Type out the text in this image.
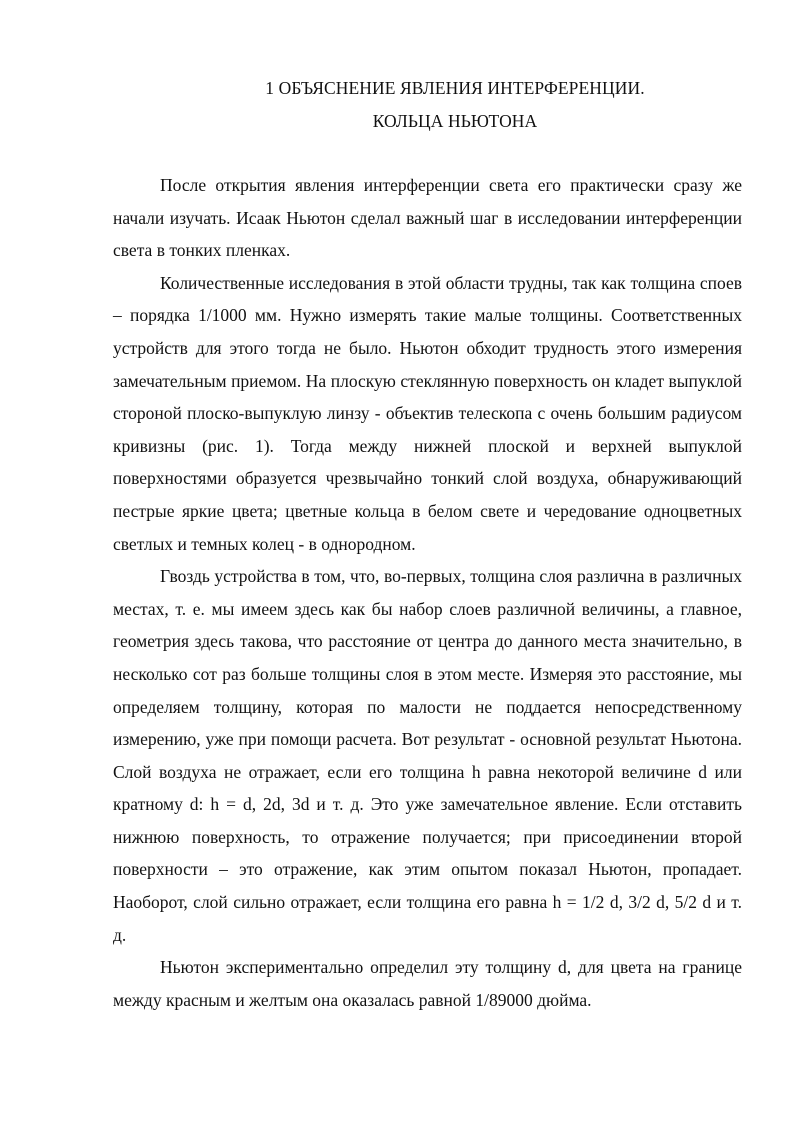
1 ОБЪЯСНЕНИЕ ЯВЛЕНИЯ ИНТЕРФЕРЕНЦИИ.
КОЛЬЦА НЬЮТОНА

После открытия явления интерференции света его практически сразу же начали изучать. Исаак Ньютон сделал важный шаг в исследовании интерференции света в тонких пленках.

Количественные исследования в этой области трудны, так как толщина споев – порядка 1/1000 мм. Нужно измерять такие малые толщины. Соответственных устройств для этого тогда не было. Ньютон обходит трудность этого измерения замечательным приемом. На плоскую стеклянную поверхность он кладет выпуклой стороной плоско-выпуклую линзу - объектив телескопа с очень большим радиусом кривизны (рис. 1). Тогда между нижней плоской и верхней выпуклой поверхностями образуется чрезвычайно тонкий слой воздуха, обнаруживающий пестрые яркие цвета; цветные кольца в белом свете и чередование одноцветных светлых и темных колец - в однородном.

Гвоздь устройства в том, что, во-первых, толщина слоя различна в различных местах, т. е. мы имеем здесь как бы набор слоев различной величины, а главное, геометрия здесь такова, что расстояние от центра до данного места значительно, в несколько сот раз больше толщины слоя в этом месте. Измеряя это расстояние, мы определяем толщину, которая по малости не поддается непосредственному измерению, уже при помощи расчета. Вот результат - основной результат Ньютона. Слой воздуха не отражает, если его толщина h равна некоторой величине d или кратному d: h = d, 2d, 3d и т. д. Это уже замечательное явление. Если отставить нижнюю поверхность, то отражение получается; при присоединении второй поверхности – это отражение, как этим опытом показал Ньютон, пропадает. Наоборот, слой сильно отражает, если толщина его равна h = 1/2 d, 3/2 d, 5/2 d и т. д.

Ньютон экспериментально определил эту толщину d, для цвета на границе между красным и желтым она оказалась равной 1/89000 дюйма.
